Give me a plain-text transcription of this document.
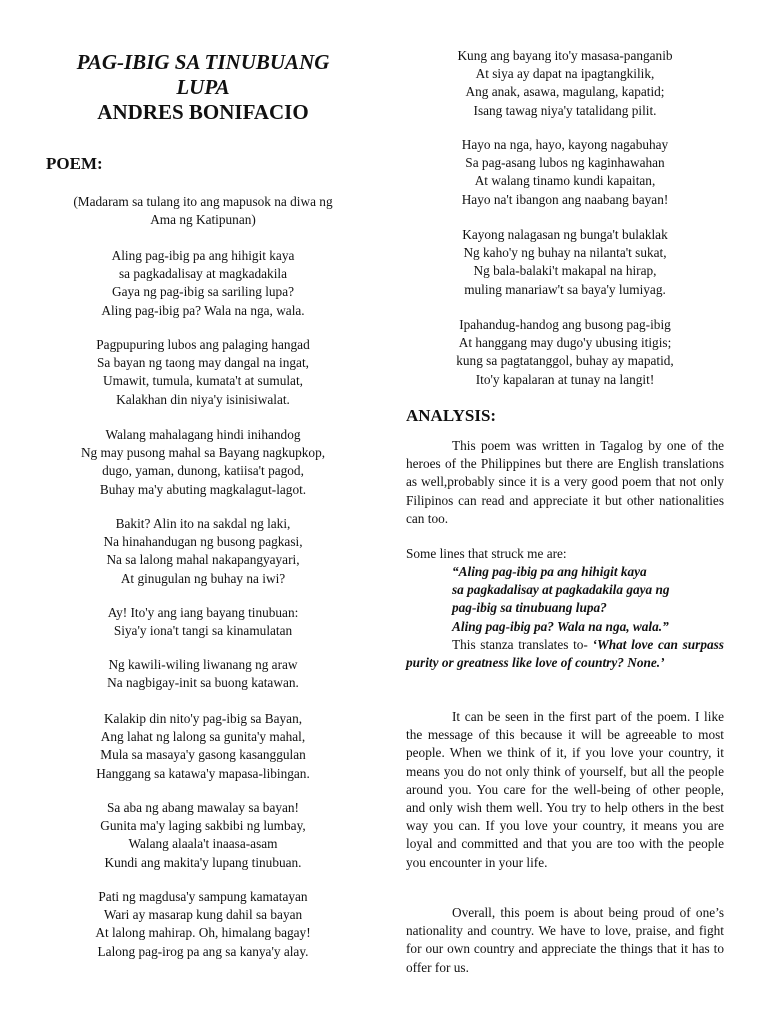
PAG-IBIG SA TINUBUANG
LUPA
ANDRES BONIFACIO
POEM:
(Madaram sa tulang ito ang mapusok na diwa ng
Ama ng Katipunan)
Aling pag-ibig pa ang hihigit kaya
sa pagkadalisay at magkadakila
Gaya ng pag-ibig sa sariling lupa?
Aling pag-ibig pa? Wala na nga, wala.
Pagpupuring lubos ang palaging hangad
Sa bayan ng taong may dangal na ingat,
Umawit, tumula, kumata't at sumulat,
Kalakhan din niya'y isinisiwalat.
Walang mahalagang hindi inihandog
Ng may pusong mahal sa Bayang nagkupkop,
dugo, yaman, dunong, katiisa't pagod,
Buhay ma'y abuting magkalagut-lagot.
Bakit? Alin ito na sakdal ng laki,
Na hinahandugan ng busong pagkasi,
Na sa lalong mahal nakapangyayari,
At ginugulan ng buhay na iwi?
Ay! Ito'y ang iang bayang tinubuan:
Siya'y iona't tangi sa kinamulatan
Ng kawili-wiling liwanang ng araw
Na nagbigay-init sa buong katawan.
Kalakip din nito'y pag-ibig sa Bayan,
Ang lahat ng lalong sa gunita'y mahal,
Mula sa masaya'y gasong kasanggulan
Hanggang sa katawa'y mapasa-libingan.
Sa aba ng abang mawalay sa bayan!
Gunita ma'y laging sakbibi ng lumbay,
Walang alaala't inaasa-asam
Kundi ang makita'y lupang tinubuan.
Pati ng magdusa'y sampung kamatayan
Wari ay masarap kung dahil sa bayan
At lalong mahirap. Oh, himalang bagay!
Lalong pag-irog pa ang sa kanya'y alay.
Kung ang bayang ito'y masasa-panganib
At siya ay dapat na ipagtangkilik,
Ang anak, asawa, magulang, kapatid;
Isang tawag niya'y tatalidang pilit.
Hayo na nga, hayo, kayong nagabuhay
Sa pag-asang lubos ng kaginhawahan
At walang tinamo kundi kapaitan,
Hayo na't ibangon ang naabang bayan!
Kayong nalagasan ng bunga't bulaklak
Ng kaho'y ng buhay na nilanta't sukat,
Ng bala-balaki't makapal na hirap,
muling manariaw't sa baya'y lumiyag.
Ipahandug-handog ang busong pag-ibig
At hanggang may dugo'y ubusing itigis;
kung sa pagtatanggol, buhay ay mapatid,
Ito'y kapalaran at tunay na langit!
ANALYSIS:
This poem was written in Tagalog by one of the heroes of the Philippines but there are English translations as well,probably since it is a very good poem that not only Filipinos can read and appreciate it but other nationalities can too.
Some lines that struck me are:
“Aling pag-ibig pa ang hihigit kaya
sa pagkadalisay at pagkadakila gaya ng
pag-ibig sa tinubuang lupa?
Aling pag-ibig pa? Wala na nga, wala.”
This stanza translates to- ‘What love can surpass purity or greatness like love of country? None.’
It can be seen in the first part of the poem. I like the message of this because it will be agreeable to most people. When we think of it, if you love your country, it means you do not only think of yourself, but all the people around you. You care for the well-being of other people, and only wish them well. You try to help others in the best way you can. If you love your country, it means you are loyal and committed and that you are too with the people you encounter in your life.
Overall, this poem is about being proud of one’s nationality and country. We have to love, praise, and fight for our own country and appreciate the things that it has to offer for us.
